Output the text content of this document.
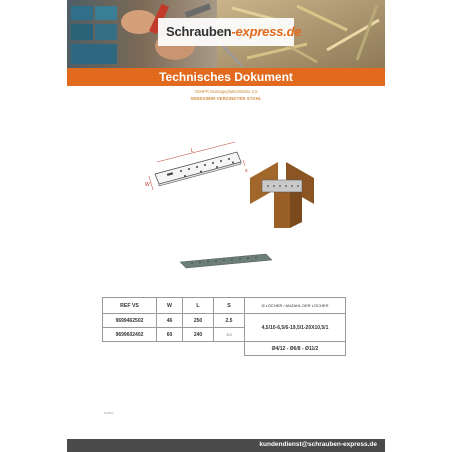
Schrauben-express.de
Technisches Dokument
VENPR Montageplattenstärke 2,5
SENDZIMIR-VERZINKTER STAHL
L
W
s
REF VS	W	L	S	Ø LÖCHER / ANZAHL DER LÖCHER
9699462502	46	250	2.5	4,5/10-6,5/6-19,5/1-20X10,5/1
9699602402	60	240	3.0	
				Ø4/12 - Ø6/8 - Ø11/2
ROBYL
kundendienst@schrauben-express.de
